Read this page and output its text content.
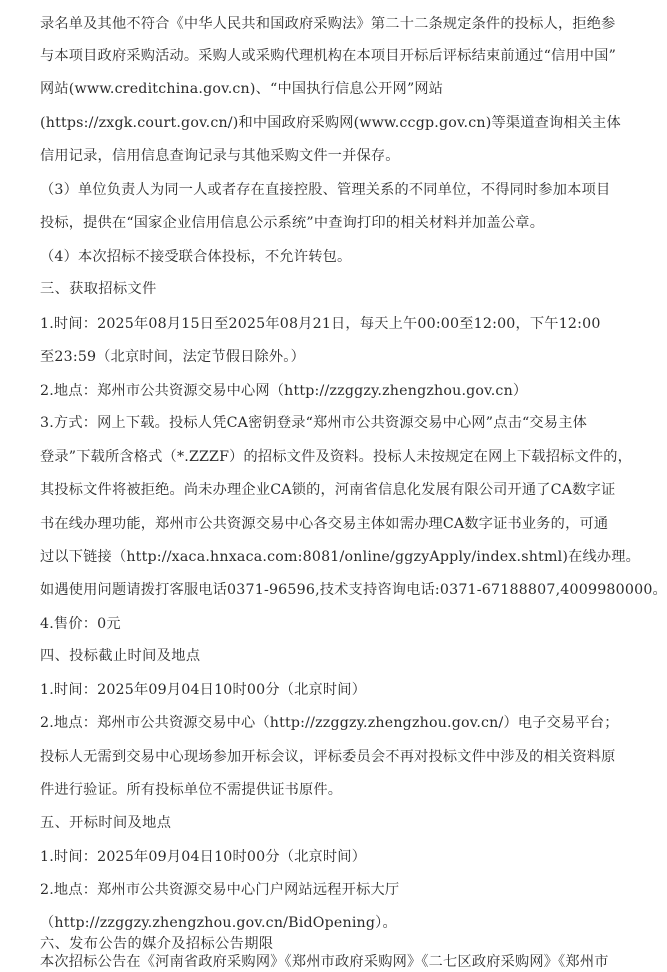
录名单及其他不符合《中华人民共和国政府采购法》第二十二条规定条件的投标人，拒绝参
与本项目政府采购活动。采购人或采购代理机构在本项目开标后评标结束前通过“信用中国”
网站(www.creditchina.gov.cn)、“中国执行信息公开网”网站
(https://zxgk.court.gov.cn/)和中国政府采购网(www.ccgp.gov.cn)等渠道查询相关主体
信用记录，信用信息查询记录与其他采购文件一并保存。
（3）单位负责人为同一人或者存在直接控股、管理关系的不同单位，不得同时参加本项目
投标，提供在“国家企业信用信息公示系统”中查询打印的相关材料并加盖公章。
（4）本次招标不接受联合体投标，不允许转包。
三、获取招标文件
1.时间：2025年08月15日至2025年08月21日，每天上午00:00至12:00，下午12:00
至23:59（北京时间，法定节假日除外。）
2.地点：郑州市公共资源交易中心网（http://zzggzy.zhengzhou.gov.cn）
3.方式：网上下载。投标人凭CA密钥登录“郑州市公共资源交易中心网”点击“交易主体
登录”下载所含格式（*.ZZZF）的招标文件及资料。投标人未按规定在网上下载招标文件的，
其投标文件将被拒绝。尚未办理企业CA锁的，河南省信息化发展有限公司开通了CA数字证
书在线办理功能，郑州市公共资源交易中心各交易主体如需办理CA数字证书业务的，可通
过以下链接（http://xaca.hnxaca.com:8081/online/ggzyApply/index.shtml)在线办理。
如遇使用问题请拨打客服电话0371-96596,技术支持咨询电话:0371-67188807,4009980000。
4.售价：0元
四、投标截止时间及地点
1.时间：2025年09月04日10时00分（北京时间）
2.地点：郑州市公共资源交易中心（http://zzggzy.zhengzhou.gov.cn/）电子交易平台；
投标人无需到交易中心现场参加开标会议，评标委员会不再对投标文件中涉及的相关资料原
件进行验证。所有投标单位不需提供证书原件。
五、开标时间及地点
1.时间：2025年09月04日10时00分（北京时间）
2.地点：郑州市公共资源交易中心门户网站远程开标大厅
（http://zzggzy.zhengzhou.gov.cn/BidOpening）。
六、发布公告的媒介及招标公告期限
本次招标公告在《河南省政府采购网》《郑州市政府采购网》《二七区政府采购网》《郑州市
